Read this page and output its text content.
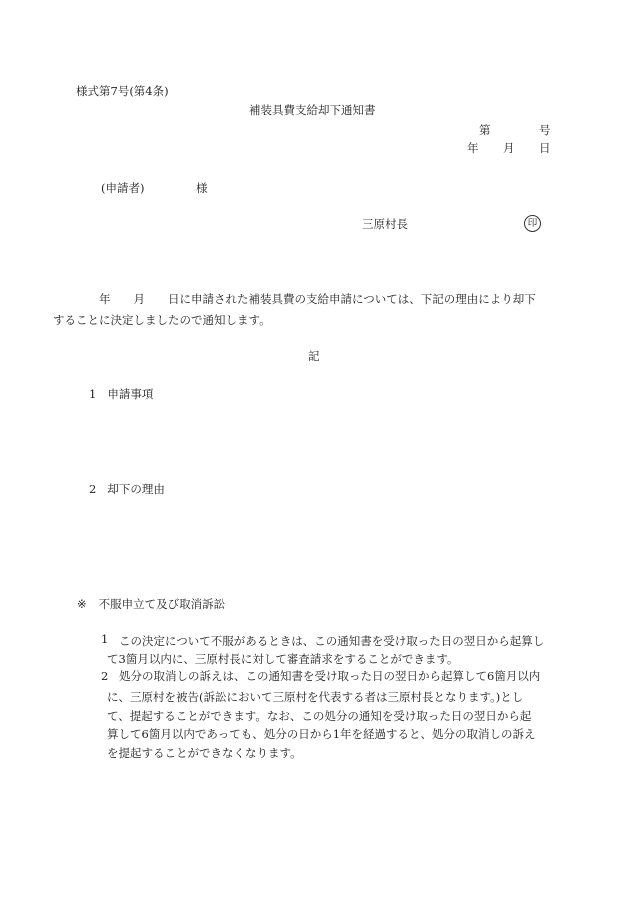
様式第7号(第4条)
補装具費支給却下通知書
第	号
年 月 日
(申請者)	様
三原村長	印
年　　月　　日に申請された補装具費の支給申請については、下記の理由により却下
することに決定しましたので通知します。
記
1 申請事項
2 却下の理由
※ 不服申立て及び取消訴訟
1 この決定について不服があるときは、この通知書を受け取った日の翌日から起算し
て3箇月以内に、三原村長に対して審査請求をすることができます。
2 処分の取消しの訴えは、この通知書を受け取った日の翌日から起算して6箇月以内
に、三原村を被告(訴訟において三原村を代表する者は三原村長となります。)とし
て、提起することができます。なお、この処分の通知を受け取った日の翌日から起
算して6箇月以内であっても、処分の日から1年を経過すると、処分の取消しの訴え
を提起することができなくなります。
